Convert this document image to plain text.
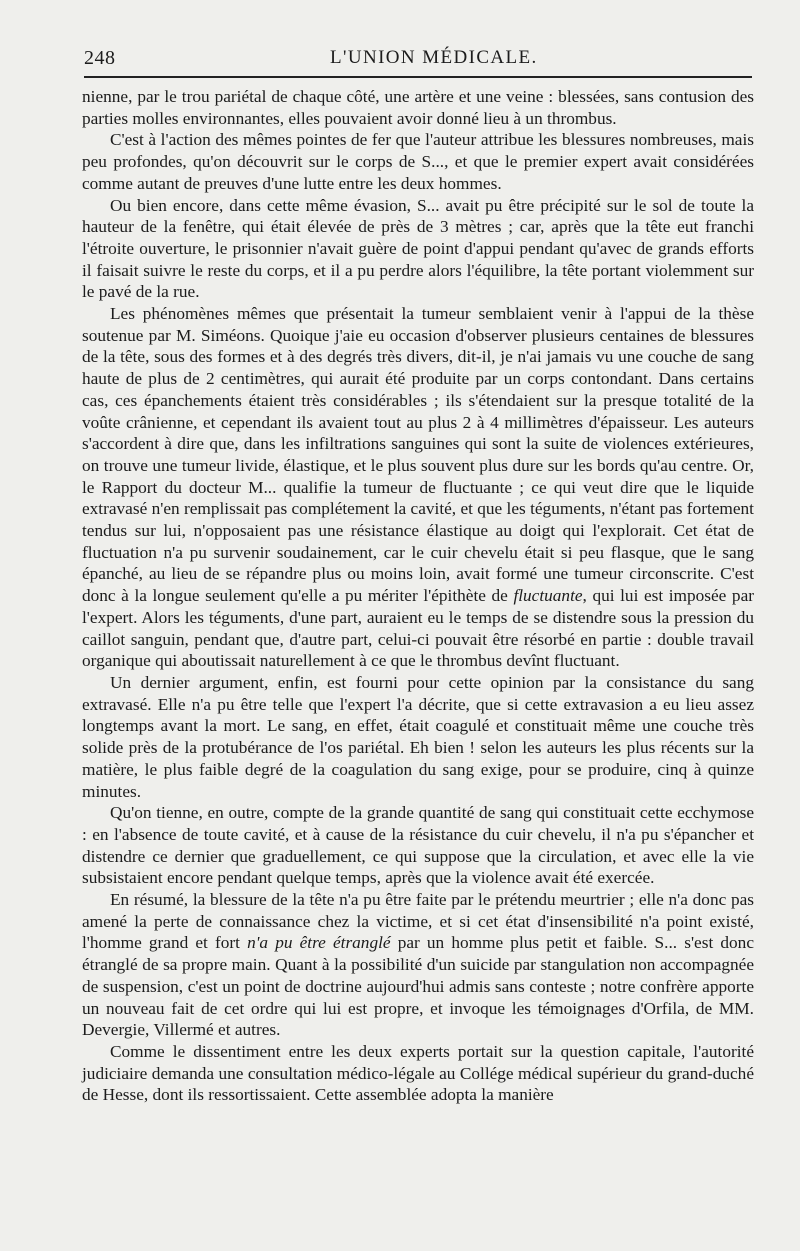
248	L'UNION MÉDICALE.

nienne, par le trou pariétal de chaque côté, une artère et une veine : blessées, sans contusion des parties molles environnantes, elles pouvaient avoir donné lieu à un thrombus.

C'est à l'action des mêmes pointes de fer que l'auteur attribue les blessures nombreuses, mais peu profondes, qu'on découvrit sur le corps de S..., et que le premier expert avait considérées comme autant de preuves d'une lutte entre les deux hommes.

Ou bien encore, dans cette même évasion, S... avait pu être précipité sur le sol de toute la hauteur de la fenêtre, qui était élevée de près de 3 mètres ; car, après que la tête eut franchi l'étroite ouverture, le prisonnier n'avait guère de point d'appui pendant qu'avec de grands efforts il faisait suivre le reste du corps, et il a pu perdre alors l'équilibre, la tête portant violemment sur le pavé de la rue.

Les phénomènes mêmes que présentait la tumeur semblaient venir à l'appui de la thèse soutenue par M. Siméons. Quoique j'aie eu occasion d'observer plusieurs centaines de blessures de la tête, sous des formes et à des degrés très divers, dit-il, je n'ai jamais vu une couche de sang haute de plus de 2 centimètres, qui aurait été produite par un corps contondant. Dans certains cas, ces épanchements étaient très considérables ; ils s'étendaient sur la presque totalité de la voûte crânienne, et cependant ils avaient tout au plus 2 à 4 millimètres d'épaisseur. Les auteurs s'accordent à dire que, dans les infiltrations sanguines qui sont la suite de violences extérieures, on trouve une tumeur livide, élastique, et le plus souvent plus dure sur les bords qu'au centre. Or, le Rapport du docteur M... qualifie la tumeur de fluctuante ; ce qui veut dire que le liquide extravasé n'en remplissait pas complétement la cavité, et que les téguments, n'étant pas fortement tendus sur lui, n'opposaient pas une résistance élastique au doigt qui l'explorait. Cet état de fluctuation n'a pu survenir soudainement, car le cuir chevelu était si peu flasque, que le sang épanché, au lieu de se répandre plus ou moins loin, avait formé une tumeur circonscrite. C'est donc à la longue seulement qu'elle a pu mériter l'épithète de fluctuante, qui lui est imposée par l'expert. Alors les téguments, d'une part, auraient eu le temps de se distendre sous la pression du caillot sanguin, pendant que, d'autre part, celui-ci pouvait être résorbé en partie : double travail organique qui aboutissait naturellement à ce que le thrombus devînt fluctuant.

Un dernier argument, enfin, est fourni pour cette opinion par la consistance du sang extravasé. Elle n'a pu être telle que l'expert l'a décrite, que si cette extravasion a eu lieu assez longtemps avant la mort. Le sang, en effet, était coagulé et constituait même une couche très solide près de la protubérance de l'os pariétal. Eh bien ! selon les auteurs les plus récents sur la matière, le plus faible degré de la coagulation du sang exige, pour se produire, cinq à quinze minutes.

Qu'on tienne, en outre, compte de la grande quantité de sang qui constituait cette ecchymose : en l'absence de toute cavité, et à cause de la résistance du cuir chevelu, il n'a pu s'épancher et distendre ce dernier que graduellement, ce qui suppose que la circulation, et avec elle la vie subsistaient encore pendant quelque temps, après que la violence avait été exercée.

En résumé, la blessure de la tête n'a pu être faite par le prétendu meurtrier ; elle n'a donc pas amené la perte de connaissance chez la victime, et si cet état d'insensibilité n'a point existé, l'homme grand et fort n'a pu être étranglé par un homme plus petit et faible. S... s'est donc étranglé de sa propre main. Quant à la possibilité d'un suicide par stangulation non accompagnée de suspension, c'est un point de doctrine aujourd'hui admis sans conteste ; notre confrère apporte un nouveau fait de cet ordre qui lui est propre, et invoque les témoignages d'Orfila, de MM. Devergie, Villermé et autres.

Comme le dissentiment entre les deux experts portait sur la question capitale, l'autorité judiciaire demanda une consultation médico-légale au Collége médical supérieur du grand-duché de Hesse, dont ils ressortissaient. Cette assemblée adopta la manière
